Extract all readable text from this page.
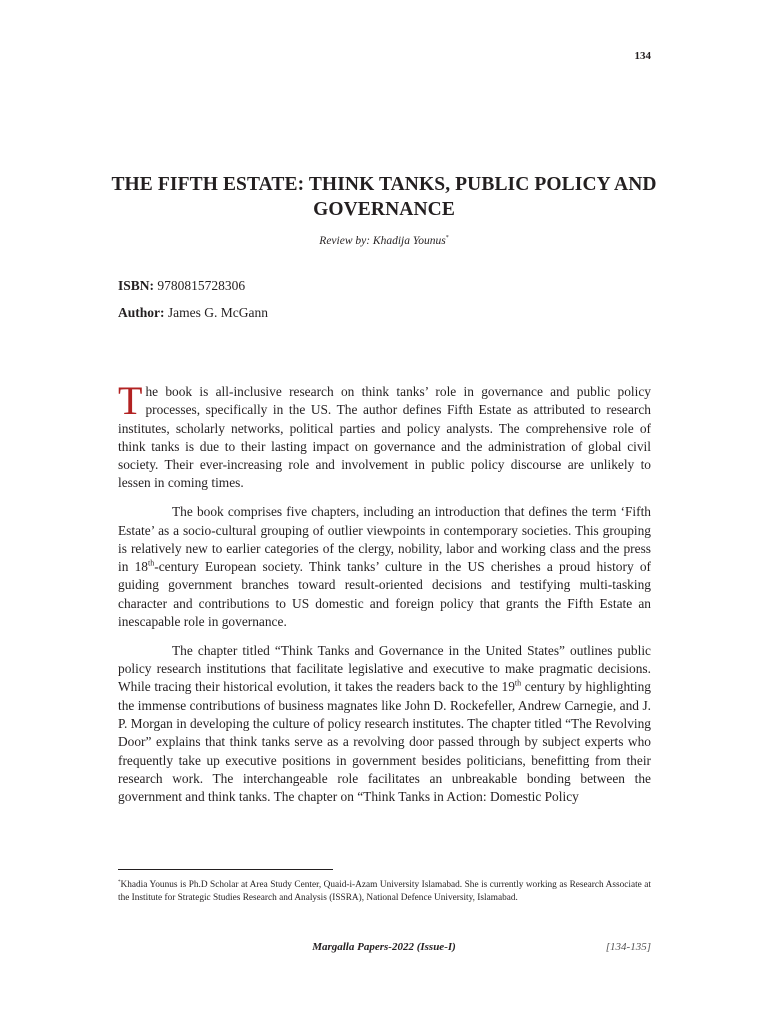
134
THE FIFTH ESTATE: THINK TANKS, PUBLIC POLICY AND GOVERNANCE
Review by: Khadija Younus*
ISBN: 9780815728306
Author: James G. McGann

The book is all-inclusive research on think tanks’ role in governance and public policy processes, specifically in the US. The author defines Fifth Estate as attributed to research institutes, scholarly networks, political parties and policy analysts. The comprehensive role of think tanks is due to their lasting impact on governance and the administration of global civil society. Their ever-increasing role and involvement in public policy discourse are unlikely to lessen in coming times.

The book comprises five chapters, including an introduction that defines the term ‘Fifth Estate’ as a socio-cultural grouping of outlier viewpoints in contemporary societies. This grouping is relatively new to earlier categories of the clergy, nobility, labor and working class and the press in 18th-century European society. Think tanks’ culture in the US cherishes a proud history of guiding government branches toward result-oriented decisions and testifying multi-tasking character and contributions to US domestic and foreign policy that grants the Fifth Estate an inescapable role in governance.

The chapter titled “Think Tanks and Governance in the United States” outlines public policy research institutions that facilitate legislative and executive to make pragmatic decisions. While tracing their historical evolution, it takes the readers back to the 19th century by highlighting the immense contributions of business magnates like John D. Rockefeller, Andrew Carnegie, and J. P. Morgan in developing the culture of policy research institutes. The chapter titled “The Revolving Door” explains that think tanks serve as a revolving door passed through by subject experts who frequently take up executive positions in government besides politicians, benefitting from their research work. The interchangeable role facilitates an unbreakable bonding between the government and think tanks. The chapter on “Think Tanks in Action: Domestic Policy

*Khadia Younus is Ph.D Scholar at Area Study Center, Quaid-i-Azam University Islamabad. She is currently working as Research Associate at the Institute for Strategic Studies Research and Analysis (ISSRA), National Defence University, Islamabad.
Margalla Papers-2022 (Issue-I)	[134-135]
